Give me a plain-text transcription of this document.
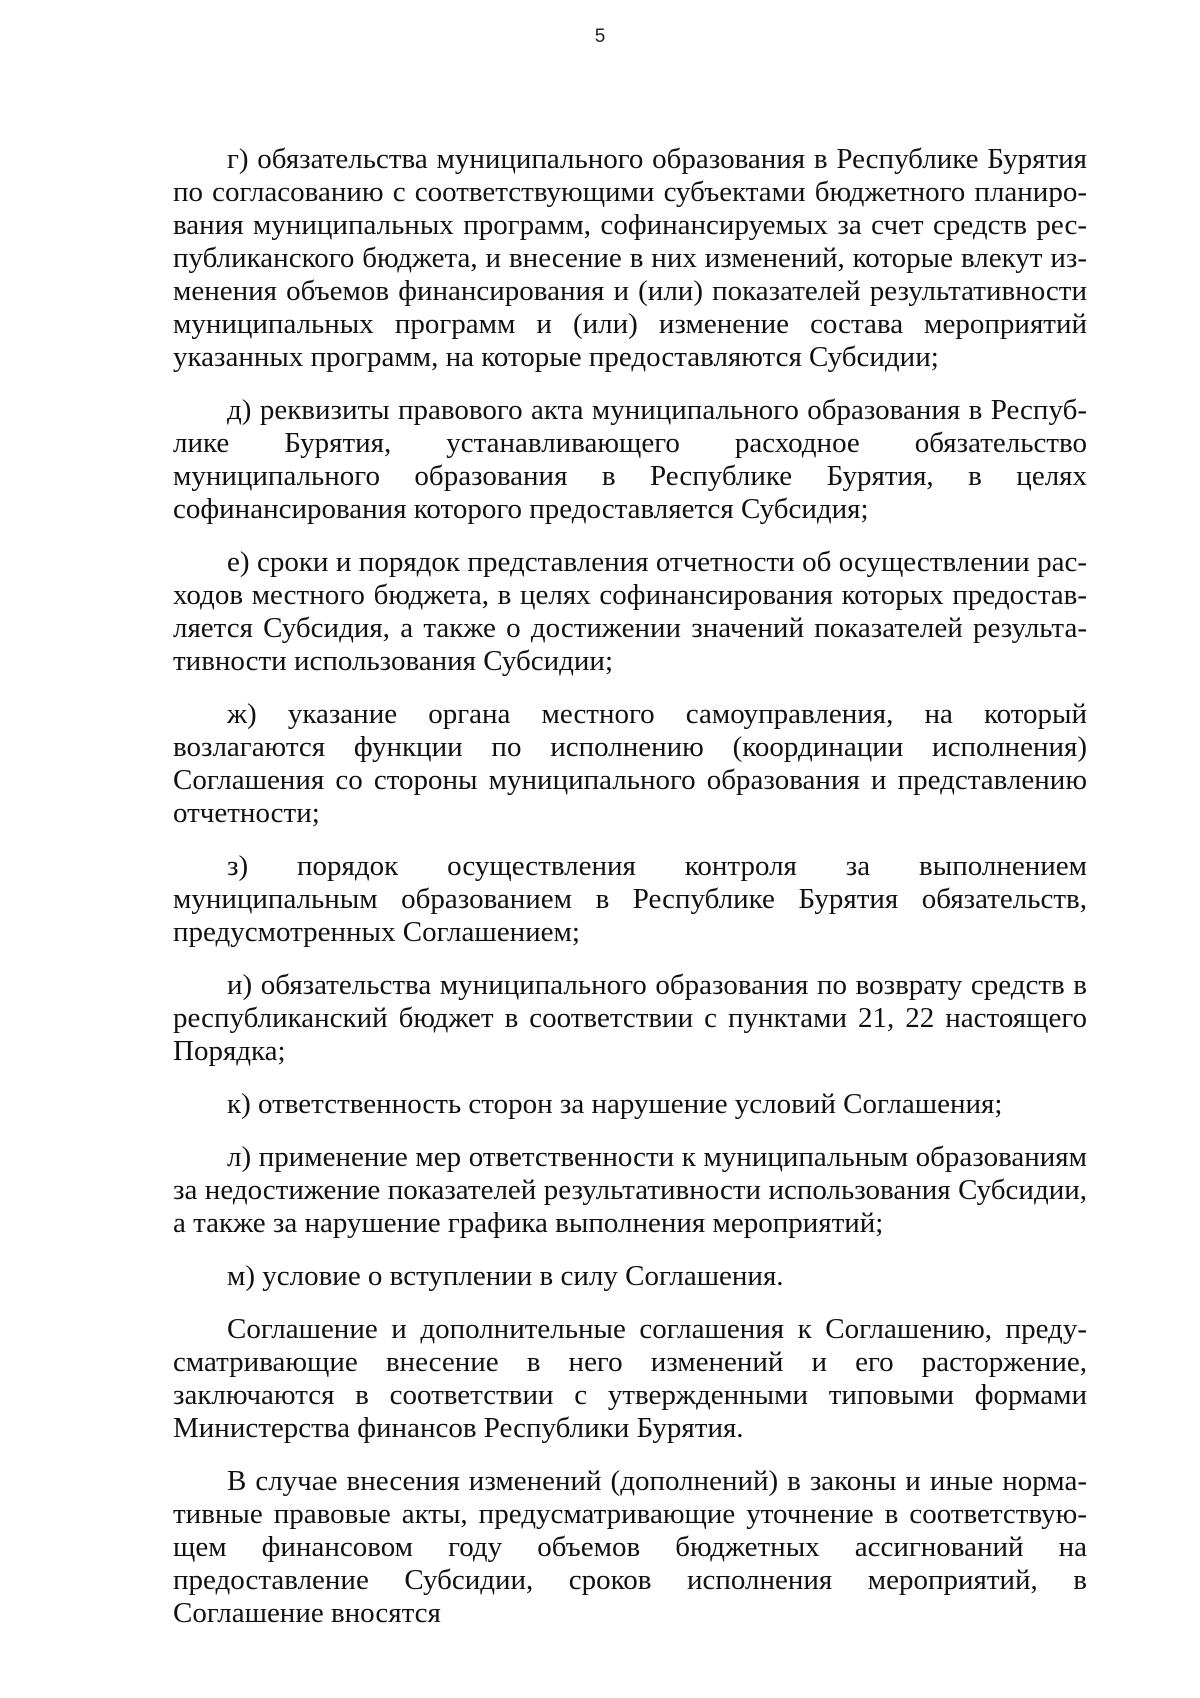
5

г) обязательства муниципального образования в Республике Бурятия по согласованию с соответствующими субъектами бюджетного планирования муниципальных программ, софинансируемых за счет средств республиканского бюджета, и внесение в них изменений, которые влекут изменения объемов финансирования и (или) показателей результативности муниципальных программ и (или) изменение состава мероприятий указанных программ, на которые предоставляются Субсидии;

д) реквизиты правового акта муниципального образования в Республике Бурятия, устанавливающего расходное обязательство муниципального образования в Республике Бурятия, в целях софинансирования которого предоставляется Субсидия;

е) сроки и порядок представления отчетности об осуществлении расходов местного бюджета, в целях софинансирования которых предоставляется Субсидия, а также о достижении значений показателей результативности использования Субсидии;

ж) указание органа местного самоуправления, на который возлагаются функции по исполнению (координации исполнения) Соглашения со стороны муниципального образования и представлению отчетности;

з) порядок осуществления контроля за выполнением муниципальным образованием в Республике Бурятия обязательств, предусмотренных Соглашением;

и) обязательства муниципального образования по возврату средств в республиканский бюджет в соответствии с пунктами 21, 22 настоящего Порядка;

к) ответственность сторон за нарушение условий Соглашения;

л) применение мер ответственности к муниципальным образованиям за недостижение показателей результативности использования Субсидии, а также за нарушение графика выполнения мероприятий;

м) условие о вступлении в силу Соглашения.

Соглашение и дополнительные соглашения к Соглашению, предусматривающие внесение в него изменений и его расторжение, заключаются в соответствии с утвержденными типовыми формами Министерства финансов Республики Бурятия.

В случае внесения изменений (дополнений) в законы и иные нормативные правовые акты, предусматривающие уточнение в соответствующем финансовом году объемов бюджетных ассигнований на предоставление Субсидии, сроков исполнения мероприятий, в Соглашение вносятся
